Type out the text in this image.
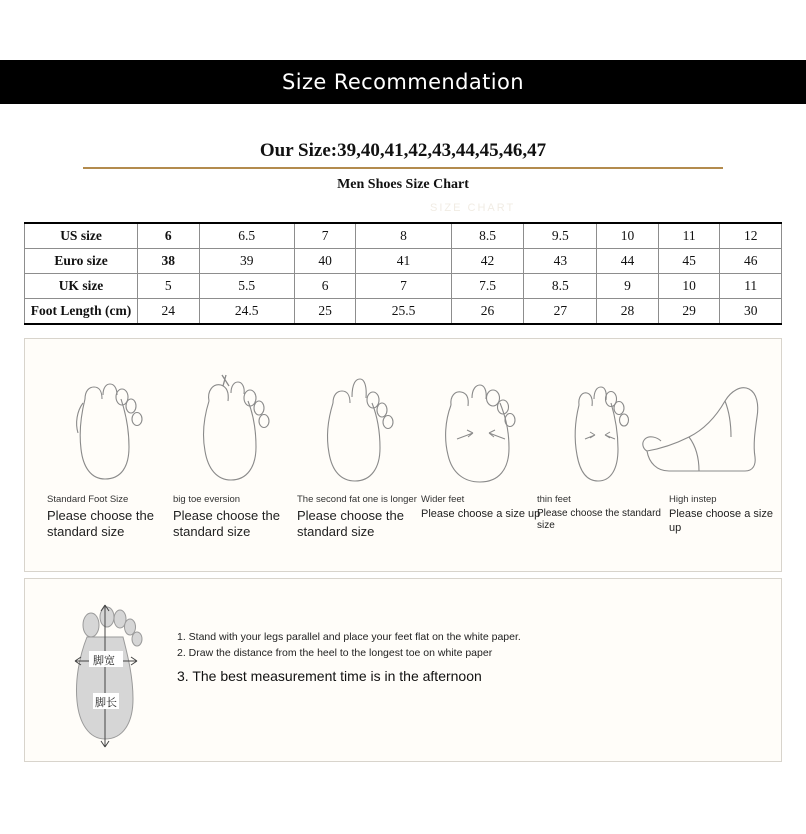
Size Recommendation
Our Size:39,40,41,42,43,44,45,46,47
Men Shoes Size Chart
SIZE CHART
US size	6	6.5	7	8	8.5	9.5	10	11	12
Euro size	38	39	40	41	42	43	44	45	46
UK size	5	5.5	6	7	7.5	8.5	9	10	11
Foot Length (cm)	24	24.5	25	25.5	26	27	28	29	30
Standard Foot Size
Please choose the standard size
big toe eversion
Please choose the standard size
The second fat one is longer
Please choose the standard size
Wider feet
Please choose a size up
thin feet
Please choose the standard size
High instep
Please choose a size up
脚宽
脚长
1. Stand with your legs parallel and place your feet flat on the white paper.
2. Draw the distance from the heel to the longest toe on white paper
3. The best measurement time is in the afternoon
